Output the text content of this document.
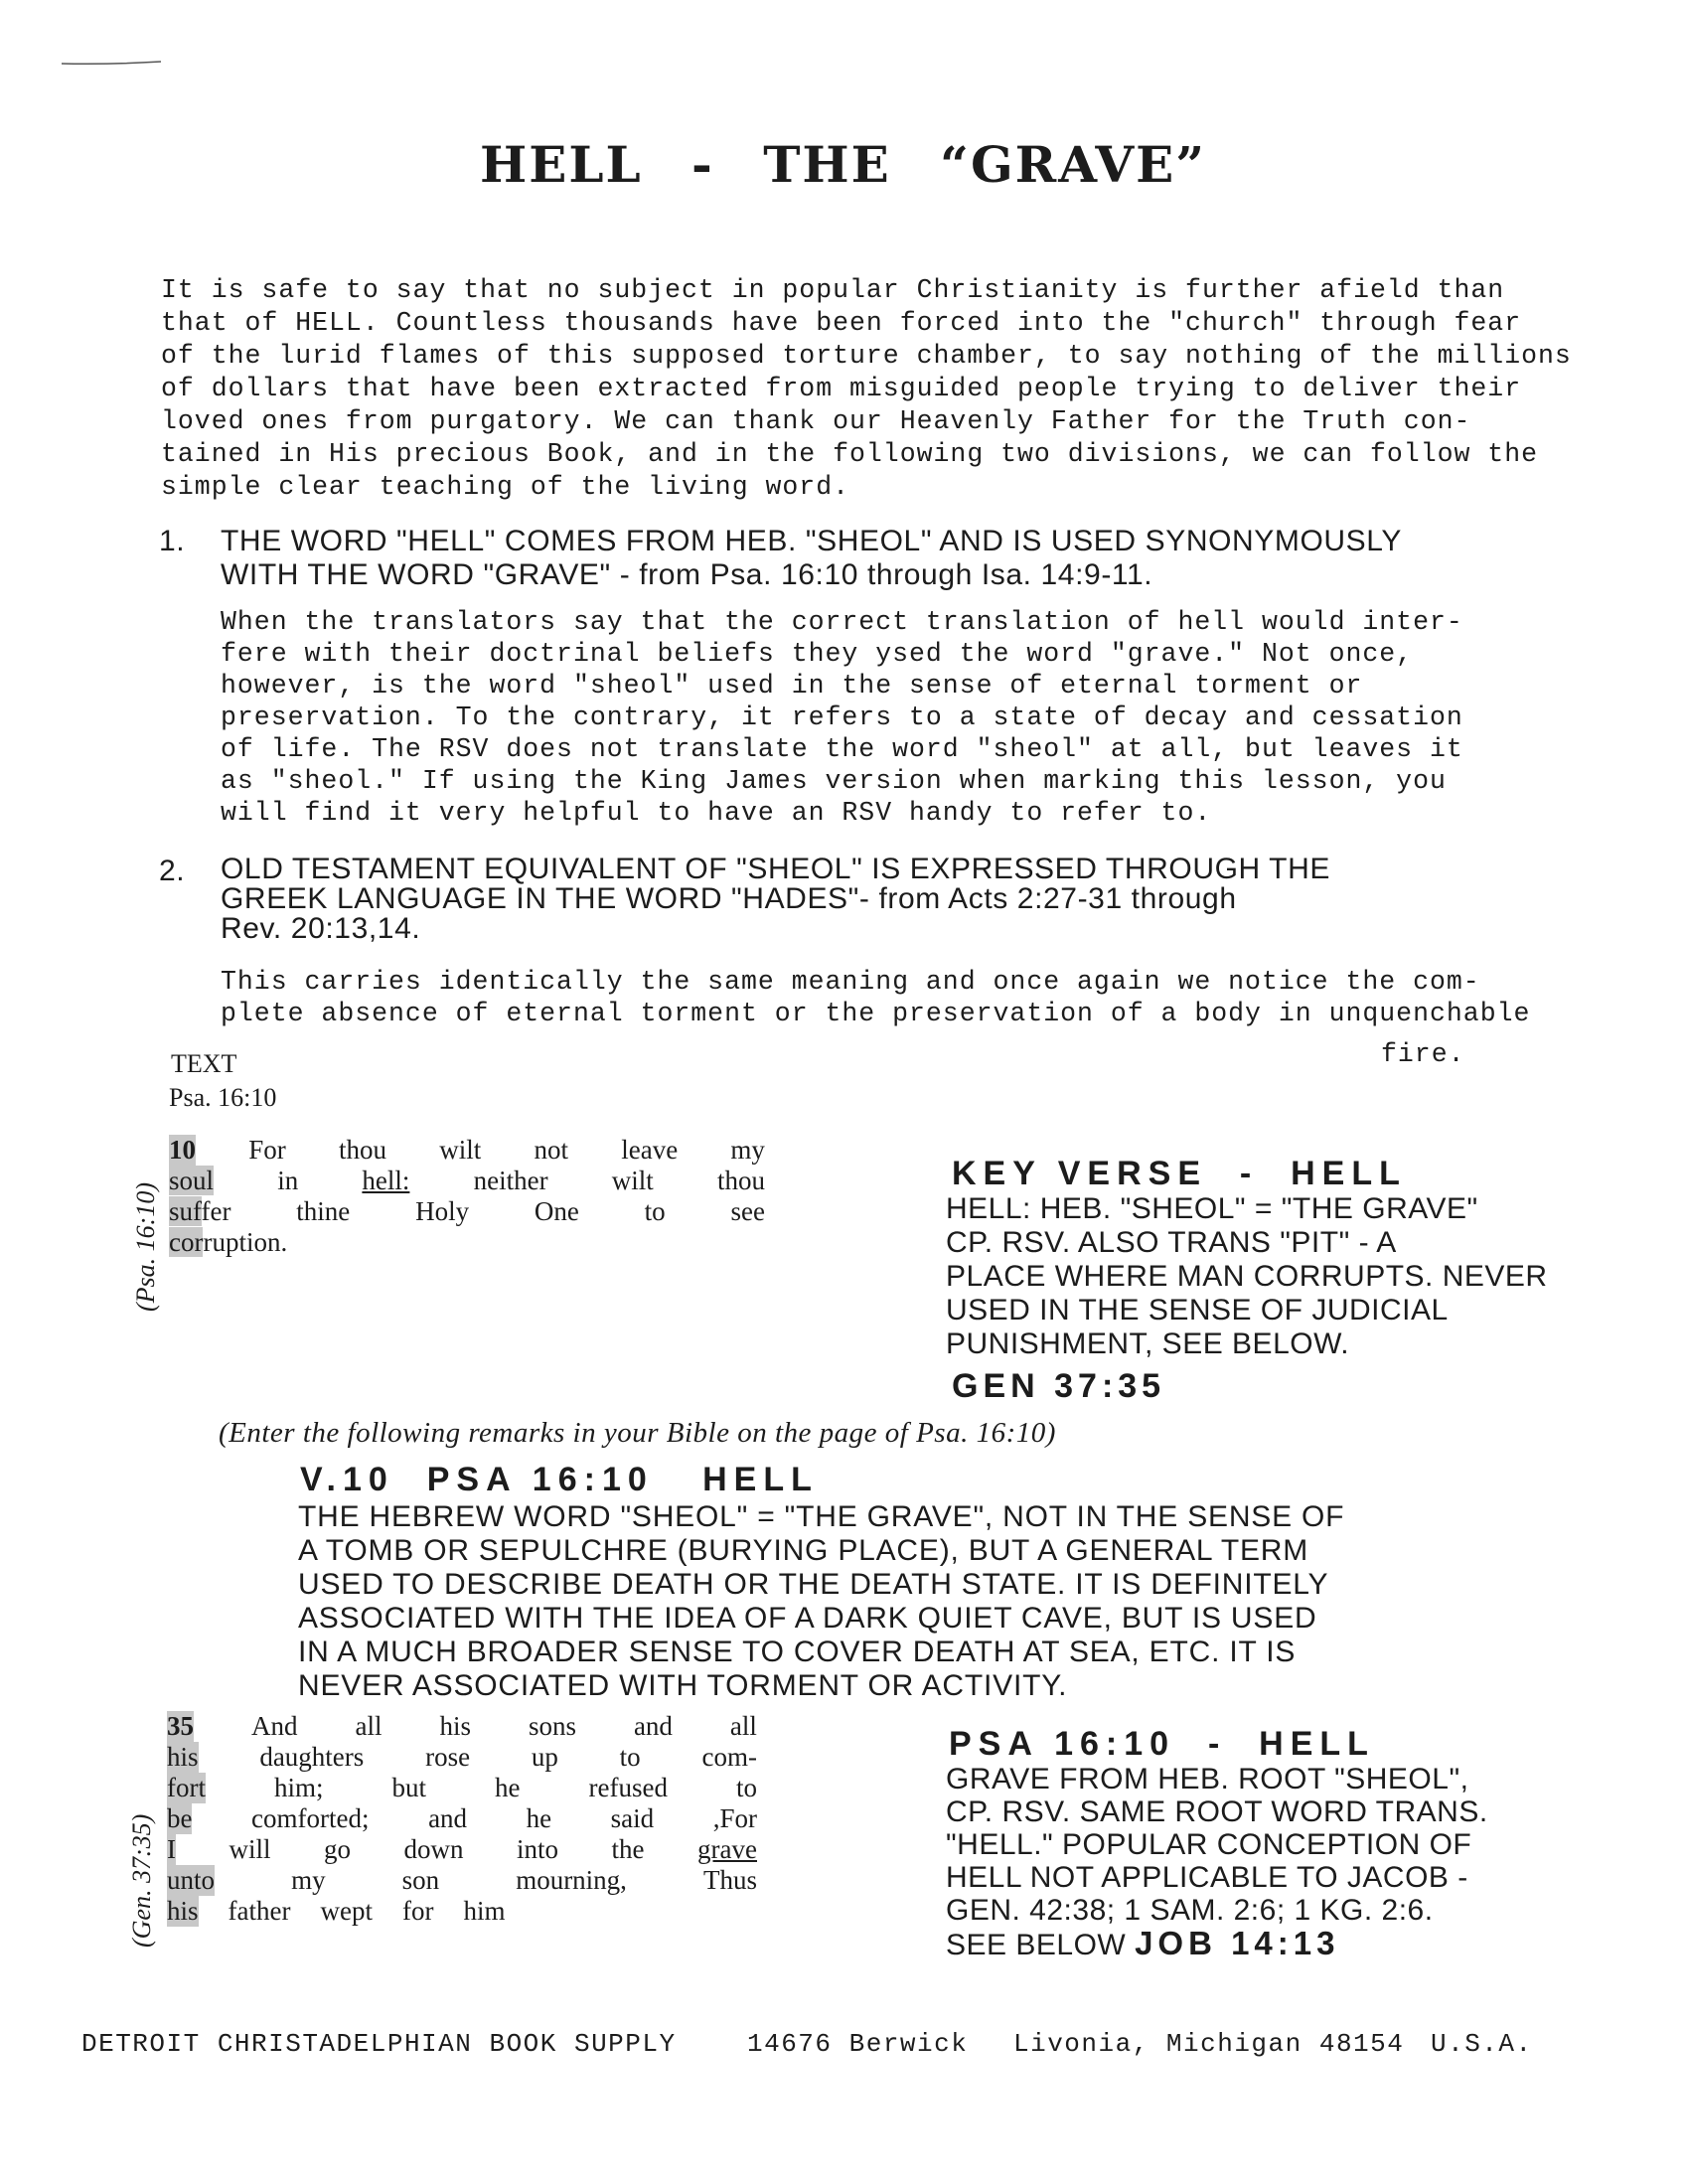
HELL - THE “GRAVE”

It is safe to say that no subject in popular Christianity is further afield than
that of HELL. Countless thousands have been forced into the "church" through fear
of the lurid flames of this supposed torture chamber, to say nothing of the millions
of dollars that have been extracted from misguided people trying to deliver their
loved ones from purgatory. We can thank our Heavenly Father for the Truth con-
tained in His precious Book, and in the following two divisions, we can follow the
simple clear teaching of the living word.

1. THE WORD "HELL" COMES FROM HEB. "SHEOL" AND IS USED SYNONYMOUSLY
WITH THE WORD "GRAVE" - from Psa. 16:10 through Isa. 14:9-11.

When the translators say that the correct translation of hell would inter-
fere with their doctrinal beliefs they ysed the word "grave." Not once,
however, is the word "sheol" used in the sense of eternal torment or
preservation. To the contrary, it refers to a state of decay and cessation
of life. The RSV does not translate the word "sheol" at all, but leaves it
as "sheol." If using the King James version when marking this lesson, you
will find it very helpful to have an RSV handy to refer to.

2. OLD TESTAMENT EQUIVALENT OF "SHEOL" IS EXPRESSED THROUGH THE
GREEK LANGUAGE IN THE WORD "HADES"- from Acts 2:27-31 through
Rev. 20:13,14.

This carries identically the same meaning and once again we notice the com-
plete absence of eternal torment or the preservation of a body in unquenchable

fire.
TEXT
Psa. 16:10
(Psa. 16:10)
10 For thou wilt not leave my
soul in hell: neither wilt thou
suffer thine Holy One to see
corruption.
KEY VERSE  -  HELL

HELL: HEB. "SHEOL" = "THE GRAVE"
CP. RSV. ALSO TRANS "PIT" - A
PLACE WHERE MAN CORRUPTS. NEVER
USED IN THE SENSE OF JUDICIAL
PUNISHMENT, SEE BELOW.

GEN 37:35
(Enter the following remarks in your Bible on the page of Psa. 16:10)
V.10  PSA 16:10   HELL

THE HEBREW WORD "SHEOL" = "THE GRAVE", NOT IN THE SENSE OF
A TOMB OR SEPULCHRE (BURYING PLACE), BUT A GENERAL TERM
USED TO DESCRIBE DEATH OR THE DEATH STATE. IT IS DEFINITELY
ASSOCIATED WITH THE IDEA OF A DARK QUIET CAVE, BUT IS USED
IN A MUCH BROADER SENSE TO COVER DEATH AT SEA, ETC. IT IS
NEVER ASSOCIATED WITH TORMENT OR ACTIVITY.

(Gen. 37:35)
35 And all his sons and all
his daughters rose up to com-
fort	him;	but	he	refused	to
be comforted; and he said ,For
I will go down into the grave
unto	my	son	mourning,	Thus
his father wept for him
PSA 16:10  -  HELL
GRAVE FROM HEB. ROOT "SHEOL",
CP. RSV. SAME ROOT WORD TRANS.
"HELL." POPULAR CONCEPTION OF
HELL NOT APPLICABLE TO JACOB -
GEN. 42:38; 1 SAM. 2:6; 1 KG. 2:6.
SEE BELOW JOB 14:13
DETROIT CHRISTADELPHIAN BOOK SUPPLY	14676 Berwick	Livonia, Michigan 48154	U.S.A.
